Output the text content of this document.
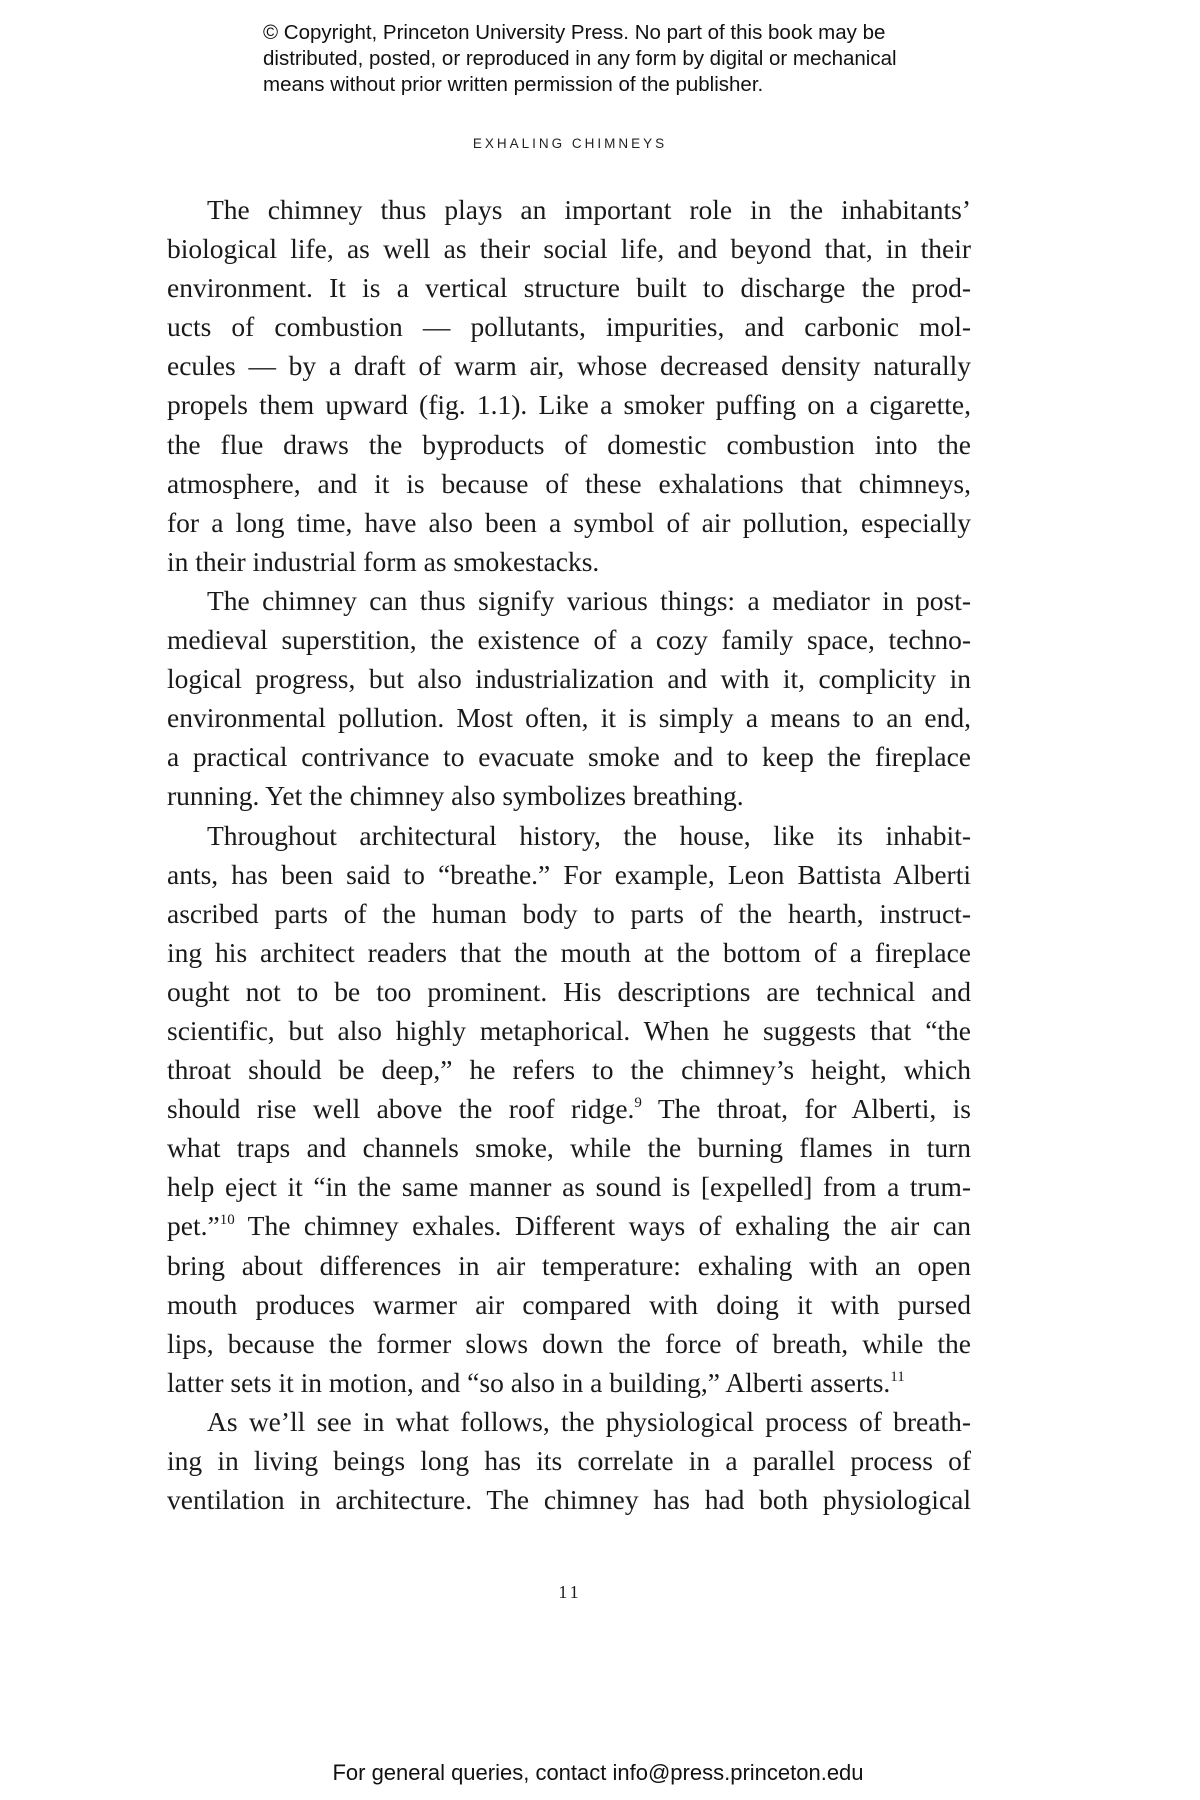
© Copyright, Princeton University Press. No part of this book may be
distributed, posted, or reproduced in any form by digital or mechanical
means without prior written permission of the publisher.
EXHALING CHIMNEYS
The chimney thus plays an important role in the inhabitants’
biological life, as well as their social life, and beyond that, in their
environment. It is a vertical structure built to discharge the prod-
ucts of combustion — pollutants, impurities, and carbonic mol-
ecules — by a draft of warm air, whose decreased density naturally
propels them upward (fig. 1.1). Like a smoker puffing on a cigarette,
the flue draws the byproducts of domestic combustion into the
atmosphere, and it is because of these exhalations that chimneys,
for a long time, have also been a symbol of air pollution, especially
in their industrial form as smokestacks.
The chimney can thus signify various things: a mediator in post-
medieval superstition, the existence of a cozy family space, techno-
logical progress, but also industrialization and with it, complicity in
environmental pollution. Most often, it is simply a means to an end,
a practical contrivance to evacuate smoke and to keep the fireplace
running. Yet the chimney also symbolizes breathing.
Throughout architectural history, the house, like its inhabit-
ants, has been said to “breathe.” For example, Leon Battista Alberti
ascribed parts of the human body to parts of the hearth, instruct-
ing his architect readers that the mouth at the bottom of a fireplace
ought not to be too prominent. His descriptions are technical and
scientific, but also highly metaphorical. When he suggests that “the
throat should be deep,” he refers to the chimney’s height, which
should rise well above the roof ridge.$^9$ The throat, for Alberti, is
what traps and channels smoke, while the burning flames in turn
help eject it “in the same manner as sound is [expelled] from a trum-
pet.”$^{10}$ The chimney exhales. Different ways of exhaling the air can
bring about differences in air temperature: exhaling with an open
mouth produces warmer air compared with doing it with pursed
lips, because the former slows down the force of breath, while the
latter sets it in motion, and “so also in a building,” Alberti asserts.$^{11}$
As we’ll see in what follows, the physiological process of breath-
ing in living beings long has its correlate in a parallel process of
ventilation in architecture. The chimney has had both physiological
11
For general queries, contact info@press.princeton.edu
